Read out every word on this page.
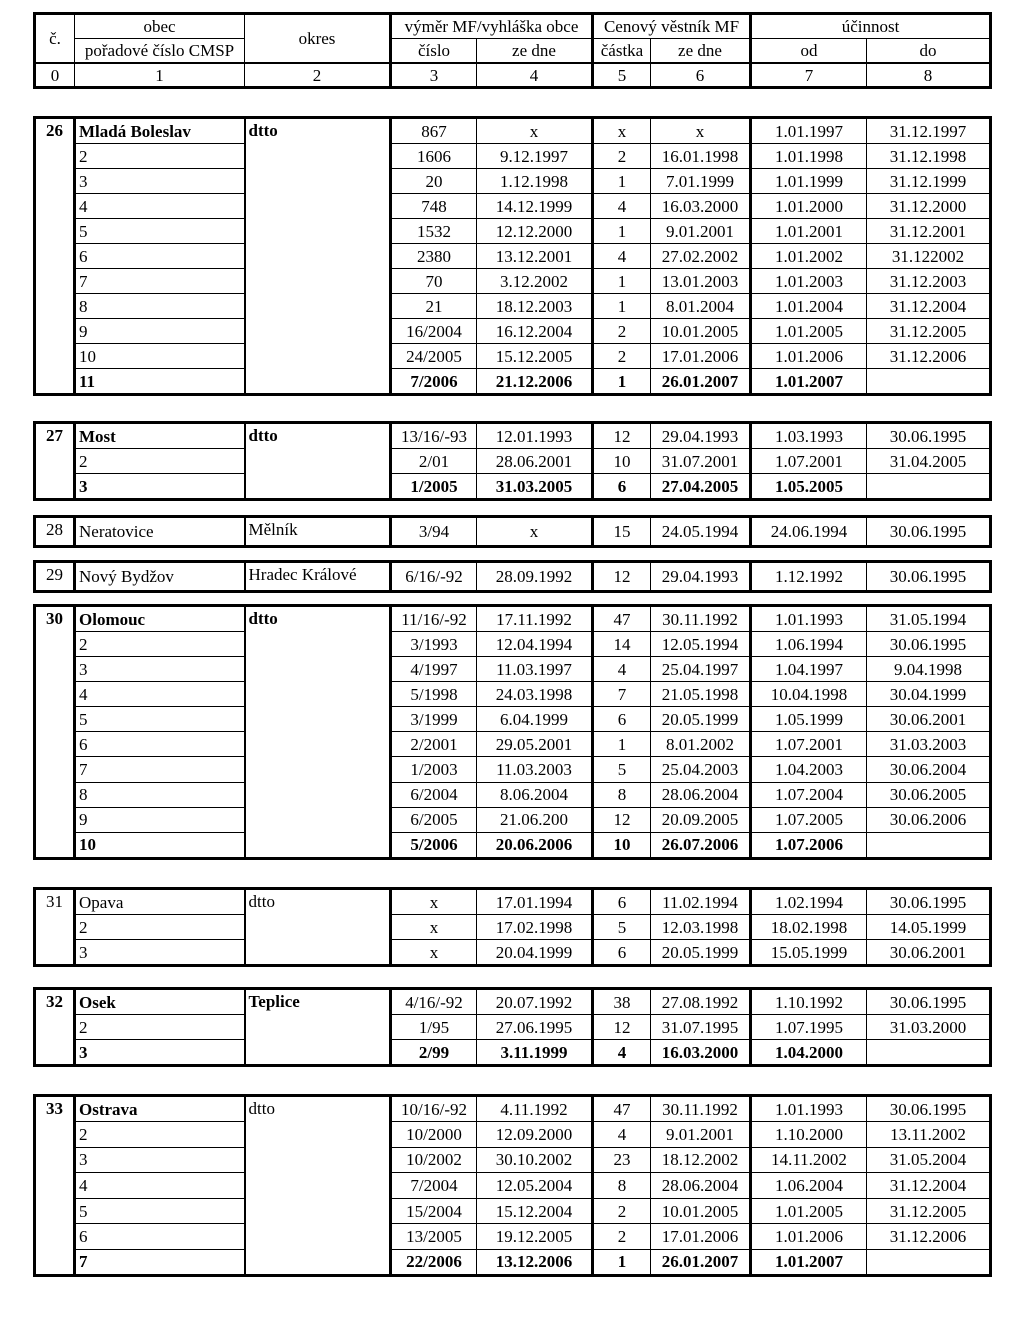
č.	obec	okres	výměr MF/vyhláška obce		Cenový věstník MF		účinnost	
	pořadové číslo CMSP		číslo	ze dne	částka	ze dne	od	do
0	1	2	3	4	5	6	7	8
26	Mladá Boleslav	dtto	867	x	x	x	1.01.1997	31.12.1997
	2		1606	9.12.1997	2	16.01.1998	1.01.1998	31.12.1998
	3		20	1.12.1998	1	7.01.1999	1.01.1999	31.12.1999
	4		748	14.12.1999	4	16.03.2000	1.01.2000	31.12.2000
	5		1532	12.12.2000	1	9.01.2001	1.01.2001	31.12.2001
	6		2380	13.12.2001	4	27.02.2002	1.01.2002	31.122002
	7		70	3.12.2002	1	13.01.2003	1.01.2003	31.12.2003
	8		21	18.12.2003	1	8.01.2004	1.01.2004	31.12.2004
	9		16/2004	16.12.2004	2	10.01.2005	1.01.2005	31.12.2005
	10		24/2005	15.12.2005	2	17.01.2006	1.01.2006	31.12.2006
	11		7/2006	21.12.2006	1	26.01.2007	1.01.2007	
27	Most	dtto	13/16/-93	12.01.1993	12	29.04.1993	1.03.1993	30.06.1995
	2		2/01	28.06.2001	10	31.07.2001	1.07.2001	31.04.2005
	3		1/2005	31.03.2005	6	27.04.2005	1.05.2005	
28	Neratovice	Mělník	3/94	x	15	24.05.1994	24.06.1994	30.06.1995
29	Nový Bydžov	Hradec Králové	6/16/-92	28.09.1992	12	29.04.1993	1.12.1992	30.06.1995
30	Olomouc	dtto	11/16/-92	17.11.1992	47	30.11.1992	1.01.1993	31.05.1994
	2		3/1993	12.04.1994	14	12.05.1994	1.06.1994	30.06.1995
	3		4/1997	11.03.1997	4	25.04.1997	1.04.1997	9.04.1998
	4		5/1998	24.03.1998	7	21.05.1998	10.04.1998	30.04.1999
	5		3/1999	6.04.1999	6	20.05.1999	1.05.1999	30.06.2001
	6		2/2001	29.05.2001	1	8.01.2002	1.07.2001	31.03.2003
	7		1/2003	11.03.2003	5	25.04.2003	1.04.2003	30.06.2004
	8		6/2004	8.06.2004	8	28.06.2004	1.07.2004	30.06.2005
	9		6/2005	21.06.200	12	20.09.2005	1.07.2005	30.06.2006
	10		5/2006	20.06.2006	10	26.07.2006	1.07.2006	
31	Opava	dtto	x	17.01.1994	6	11.02.1994	1.02.1994	30.06.1995
	2		x	17.02.1998	5	12.03.1998	18.02.1998	14.05.1999
	3		x	20.04.1999	6	20.05.1999	15.05.1999	30.06.2001
32	Osek	Teplice	4/16/-92	20.07.1992	38	27.08.1992	1.10.1992	30.06.1995
	2		1/95	27.06.1995	12	31.07.1995	1.07.1995	31.03.2000
	3		2/99	3.11.1999	4	16.03.2000	1.04.2000	
33	Ostrava	dtto	10/16/-92	4.11.1992	47	30.11.1992	1.01.1993	30.06.1995
	2		10/2000	12.09.2000	4	9.01.2001	1.10.2000	13.11.2002
	3		10/2002	30.10.2002	23	18.12.2002	14.11.2002	31.05.2004
	4		7/2004	12.05.2004	8	28.06.2004	1.06.2004	31.12.2004
	5		15/2004	15.12.2004	2	10.01.2005	1.01.2005	31.12.2005
	6		13/2005	19.12.2005	2	17.01.2006	1.01.2006	31.12.2006
	7		22/2006	13.12.2006	1	26.01.2007	1.01.2007	
